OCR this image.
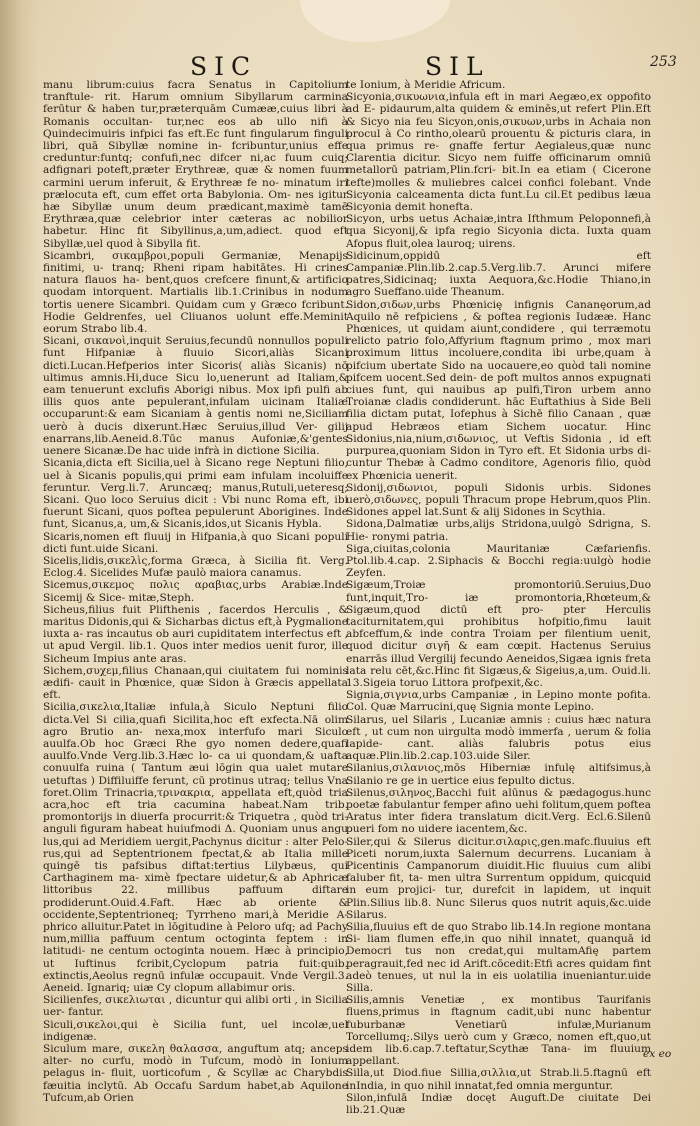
SIC	SIL	253

manu librum:cuius facra Senatus in Capitolium tranftule- rit. Harum omnium Sibyllarum carmina ferūtur & haben tur,præterquām Cumææ,cuius libri à Romanis occultan- tur,nec eos ab ullo nifi à Quindecimuiris infpici fas eft.Ec funt fingularum finguli libri, quā Sibyllæ nomine in- fcribuntur,unius effe creduntur:funtq; confufi,nec difcer ni,ac fuum cuiq; adfignari poteft,præter Erythreæ, quæ & nomen fuum carmini uerum inferuit, & Erythreæ fe no- minatum iri prælocuta eft, cum effet orta Babylonia. Om- nes igitur hæ Sibyllæ unum deum prædicant,maximè tamē Erythræa,quæ celebrior inter cæteras ac nobilior habetur. Hinc fit Sibyllinus,a,um,adiect. quod eft Sibyllæ,uel quod à Sibylla fit.

Sicambri, σικαμβροι,populi Germaniæ, Menapijs finitimi, u- tranq; Rheni ripam habitātes. Hi crines natura flauos ha- bent,quos crefcere finunt,& artificio quodam intorquent. Martialis lib.1.Crinibus in nodum tortis uenere Sicambri. Quidam cum y Græco fcribunt. Hodie Geldrenfes, uel Cliuanos uolunt effe.Meminit eorum Strabo lib.4.

Sicani, σικανοὶ,inquit Seruius,fecundū nonnullos populi funt Hifpaniæ à fluuio Sicori,aliàs Sicani dicti.Lucan.Hefperios inter Sicoris( aliàs Sicanis) nō ultimus amnis.Hi,duce Sicu lo,uenerunt ad Italiam,& eam tenuerunt exclufis Aborigi nibus. Mox ipfi pulfi ab illis quos ante pepulerant,infulam uicinam Italiæ occuparunt:& eam Sicaniam à gentis nomi ne,Siciliam uerò à ducis dixerunt.Hæc Seruius,illud Ver- gilij enarrans,lib.Aeneid.8.Tūc manus Aufoniæ,&'gentes uenere Sicanæ.De hac uide infrà in dictione Sicilia.

Sicania,dicta eft Sicilia,uel à Sicano rege Neptuni filio, uel à Sicanis populis,qui primi eam infulam incoluiffe feruntur. Verg.li.7. Aruncæq; manus,Rutuli,ueteresq; Sicani. Quo loco Seruius dicit : Vbi nunc Roma eft, ibi fuerunt Sicani, quos poftea pepulerunt Aborigines. Inde funt, Sicanus,a, um,& Sicanis,idos,ut Sicanis Hybla.

Sicaris,nomen eft fluuij in Hifpania,à quo Sicani populi dicti funt.uide Sicani.

Sicelis,lidis,σικελὶς,forma Græca, à Sicilia fit. Verg. Eclog.4. Sicelides Mufæ paulò maiora canamus.

Sicemus,σικεμος πολις αραβιας,urbs Arabiæ.Inde Sicemij & Sice- mitæ,Steph.

Sicheus,filius fuit Plifthenis , facerdos Herculis , & maritus Didonis,qui & Sicharbas dictus eft,à Pygmalione iuxta a- ras incautus ob auri cupiditatem interfectus eft , ut apud Vergil. lib.1. Quos inter medios uenit furor, ille Sicheum Impius ante aras.

Sichem,συχεμ,filius Chanaan,qui ciuitatem fui nominis ædifi- cauit in Phœnice, quæ Sidon à Græcis appellata eft.

Sicilia,σικελια,Italiæ infula,à Siculo Neptuni filio dicta.Vel Si cilia,quafi Sicilita,hoc eft exfecta.Nā olim agro Brutio an- nexa,mox interfufo mari Siculo auulfa.Ob hoc Græci Rhe gyo nomen dedere,quafi auulfo.Vnde Verg.lib.3.Hæc lo- ca ui quondam,& uafta conuulfa ruina ( Tantum æui lōgin qua ualet mutare uetuftas ) Diffiluiffe ferunt, cū protinus utraq; tellus Vna foret.Olim Trinacria,τρινακρια, appellata eft,quòd tria acra,hoc eft tria cacumina habeat.Nam trib. promontorijs in diuerfa procurrit:& Triquetra , quòd tri- anguli figuram habeat huiufmodi Δ. Quoniam unus angu lus,qui ad Meridiem uergit,Pachynus dicitur : alter Pelo- rus,qui ad Septentrionem fpectat,& ab Italia mille quingē tis pafsibus diftat:tertius Lilybæus, qui Carthaginem ma- ximè fpectare uidetur,& ab Aphricæ littoribus 22. millibus paffuum diftare prodiderunt.Ouid.4.Faft. Hæc ab oriente & occidente,Septentrioneq; Tyrrheno mari,à Meridie A- phrico alluitur.Patet in lōgitudine à Peloro ufq; ad Pachy num,millia paffuum centum octoginta feptem : in latitudi- ne centum octoginta nouem. Hæc à principio, ut Iuftinus fcribit,Cyclopum patria fuit:quib. extinctis,Aeolus regnū infulæ occupauit. Vnde Vergil.3. Aeneid. Ignariq; uiæ Cy clopum allabimur oris.

Sicilienfes, σικελιωται , dicuntur qui alibi orti , in Sicilia uer- fantur.

Siculi,σικελοι,qui è Sicilia funt, uel incolæ,uel indigenæ.

Siculum mare, σικελη θαλασσα, anguftum atq; anceps alter- no curfu, modò in Tufcum, modò in Ionium pelagus in- fluit, uorticofum , & Scyllæ ac Charybdis fæuitia inclytū. Ab Occafu Sardum habet,ab Aquilone Tufcum,ab Orien

te Ionium, à Meridie Africum.

Sicyonia,σικυωνια,infula eft in mari Aegæo,ex oppofito ad E- pidaurum,alta quidem & eminēs,ut refert Plin.Eft & Sicyo nia feu Sicyon,onis,σικυων,urbs in Achaia non procul à Co rintho,olearū prouentu & picturis clara, in qua primus re- gnaffe fertur Aegialeus,quæ nunc Clarentia dicitur. Sicyo nem fuiffe officinarum omniū metallorū patriam,Plin.fcri- bit.In ea etiam ( Cicerone tefte)molles & muliebres calcei confici folebant. Vnde Sicyonia calceamenta dicta funt.Lu cil.Et pedibus læua Sicyonia demit honefta.

Sicyon, urbs uetus Achaiæ,intra Ifthmum Peloponnefi,à qua Sicyonij,& ipfa regio Sicyonia dicta. Iuxta quam Afopus fluit,olea lauroq; uirens.

Sidicinum,oppidū eft Campaniæ.Plin.lib.2.cap.5.Verg.lib.7. Arunci mifere patres,Sidicinaq; iuxta Aequora,&c.Hodie Thiano,in agro Sueffano.uide Theanum.

Sidon,σιδων,urbs Phœnicię infignis Cananęorum,ad Aquilo nē refpiciens , & poftea regionis Iudææ. Hanc Phœnices, ut quidam aiunt,condidere , qui terræmotu relicto patrio folo,Affyrium ftagnum primo , mox mari proximum littus incoluere,condita ibi urbe,quam à pifcium ubertate Sido na uocauere,eo quòd tali nomine pifcem uocent.Sed dein- de poft multos annos expugnati ciues funt, qui nauibus ap pulfi,Tiron urbem anno Troianæ cladis condiderunt. hāc Euftathius à Side Beli filia dictam putat, Iofephus à Sichē filio Canaan , quæ apud Hebræos etiam Sichem uocatur. Hinc Sidonius,nia,nium,σιδωνιος, ut Veftis Sidonia , id eft purpurea,quoniam Sidon in Tyro eft. Et Sidonia urbs di- cuntur Thebæ à Cadmo conditore, Agenoris filio, quòd ex Phœnicia uenerit.

Sidonij,σιδωνιοι, populi Sidonis urbis. Sidones uerò,σιδωνες, populi Thracum prope Hebrum,quos Plin. Sidones appel lat.Sunt & alij Sidones in Scythia.

Sidona,Dalmatiæ urbs,alijs Stridona,uulgò Sdrigna, S. Hie- ronymi patria.

Siga,ciuitas,colonia Mauritaniæ Cæfarienfis. Ptol.lib.4.cap. 2.Siphacis & Bocchi regia:uulgò hodie Zeyfen.

Sigæum,Troiæ promontoriū.Seruius,Duo funt,inquit,Tro- iæ promontoria,Rhœteum,& Sigæum,quod dictū eft pro- pter Herculis taciturnitatem,qui prohibitus hofpitio,fimu lauit abfceffum,& inde contra Troiam per filentium uenit, quod dicitur σιγῆ & eam cœpit. Hactenus Seruius enarrās illud Vergilij fecundo Aeneidos,Sigæa ignis freta lata relu cēt,&c.Hinc fit Sigæus,& Sigeius,a,um. Ouid.li. 13.Sigeia toruo Littora profpexit,&c.

Signia,σιγνια,urbs Campaniæ , in Lepino monte pofita. Col. Quæ Marrucini,quę Signia monte Lepino.

Silarus, uel Silaris , Lucaniæ amnis : cuius hæc natura eft , ut cum non uirgulta modò immerfa , uerum & folia lapide- cant. aliàs falubris potus eius aquæ.Plin.lib.2.cap.103.uide Siler.

Silanius,σιλανιος,mōs Hiberniæ infulę altifsimus,à Silanio re ge in uertice eius fepulto dictus.

Silenus,σιληνος,Bacchi fuit alūnus & pædagogus.hunc poetæ fabulantur femper afino uehi folitum,quem poftea Aratus inter fidera translatum dicit.Verg. Ecl.6.Silenū pueri fom no uidere iacentem,&c.

Siler,qui & Silerus dicitur.σιλαρις,gen.mafc.fluuius eft Piceti norum,iuxta Salernum decurrens. Lucaniam à Picentinis Campanorum diuidit.Hic fluuius cum alibi faluber fit, ta- men ultra Surrentum oppidum, quicquid in eum projici- tur, durefcit in lapidem, ut inquit Plin.Silius lib.8. Nunc Silerus quos nutrit aquis,&c.uide Silarus.

Silia,fluuius eft de quo Strabo lib.14.In regione montana Si- liam flumen effe,in quo nihil innatet, quanquā id Democri tus non credat,qui multamAfię partem peragrauit,fed nec id Arift.cōcedit:Etfi acres quidam fint adeò tenues, ut nul la in eis uolatilia inueniantur.uide Silla.

Silis,amnis Venetiæ , ex montibus Taurifanis fluens,primus in ftagnum cadit,ubi nunc habentur fuburbanæ Venetiarū infulæ,Murianum Torcellumq;.Silys uerò cum y Græco, nomen eft,quo,ut idem lib.6.cap.7.teftatur,Scythæ Tana- im fluuium appellant.

Silla,ut Diod.fiue Sillia,σιλλια,ut Strab.li.5.ftagnū eft inIndia, in quo nihil innatat,fed omnia merguntur.

Silon,infulā Indiæ docęt Auguft.De ciuitate Dei lib.21.Quæ

ex eo
